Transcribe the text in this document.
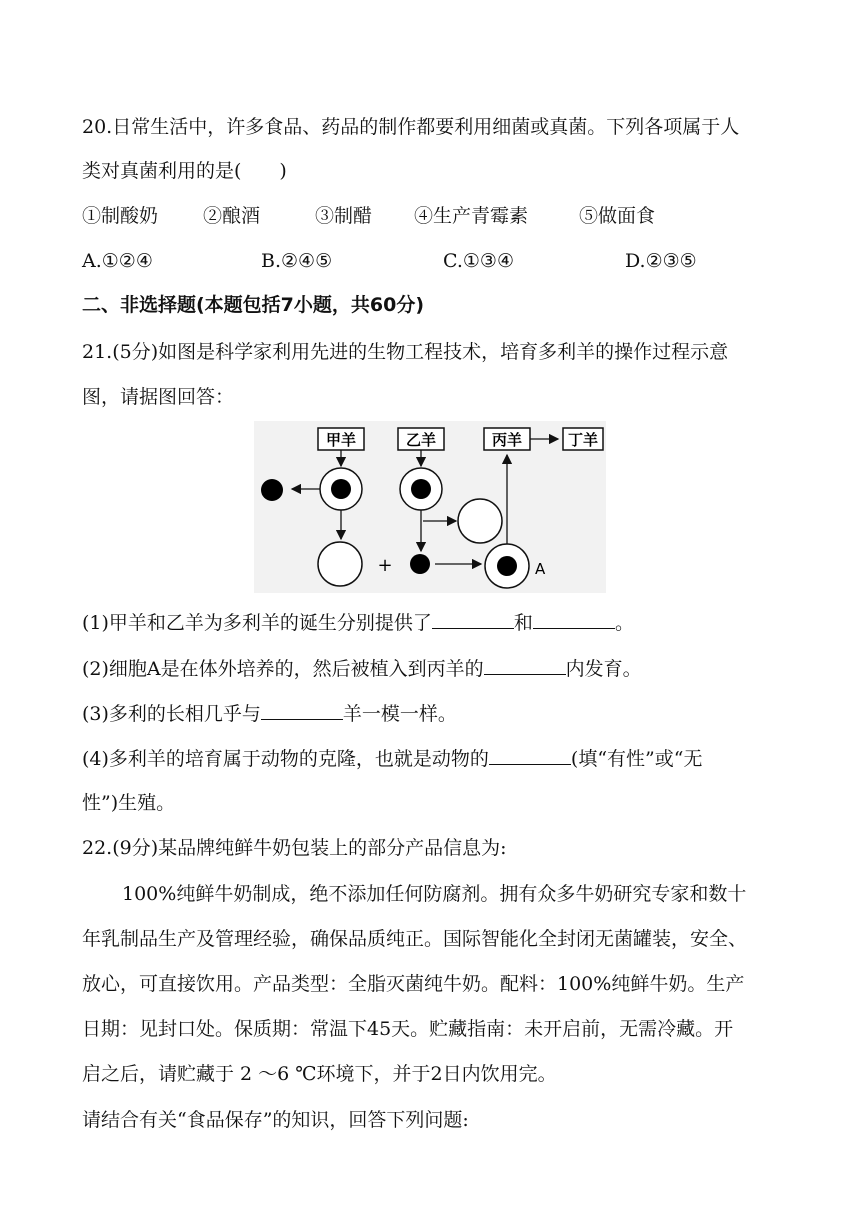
20.日常生活中，许多食品、药品的制作都要利用细菌或真菌。下列各项属于人
类对真菌利用的是(　　)
①制酸奶 ②酿酒	③制醋 ④生产青霉素	⑤做面食
A.①②④	B.②④⑤	C.①③④	D.②③⑤
二、非选择题(本题包括7小题，共60分)
21.(5分)如图是科学家利用先进的生物工程技术，培育多利羊的操作过程示意
图，请据图回答：
甲羊	乙羊	丙羊	丁羊
+	A
(1)甲羊和乙羊为多利羊的诞生分别提供了	和	。
(2)细胞A是在体外培养的，然后被植入到丙羊的	内发育。
(3)多利的长相几乎与	羊一模一样。
(4)多利羊的培育属于动物的克隆，也就是动物的	(填“有性”或“无
性”)生殖。
22.(9分)某品牌纯鲜牛奶包装上的部分产品信息为:
100%纯鲜牛奶制成，绝不添加任何防腐剂。拥有众多牛奶研究专家和数十
年乳制品生产及管理经验，确保品质纯正。国际智能化全封闭无菌罐装，安全、
放心，可直接饮用。产品类型：全脂灭菌纯牛奶。配料：100%纯鲜牛奶。生产
日期：见封口处。保质期：常温下45天。贮藏指南：未开启前，无需冷藏。开
启之后，请贮藏于 2 ～6 ℃环境下，并于2日内饮用完。
请结合有关“食品保存”的知识，回答下列问题:
